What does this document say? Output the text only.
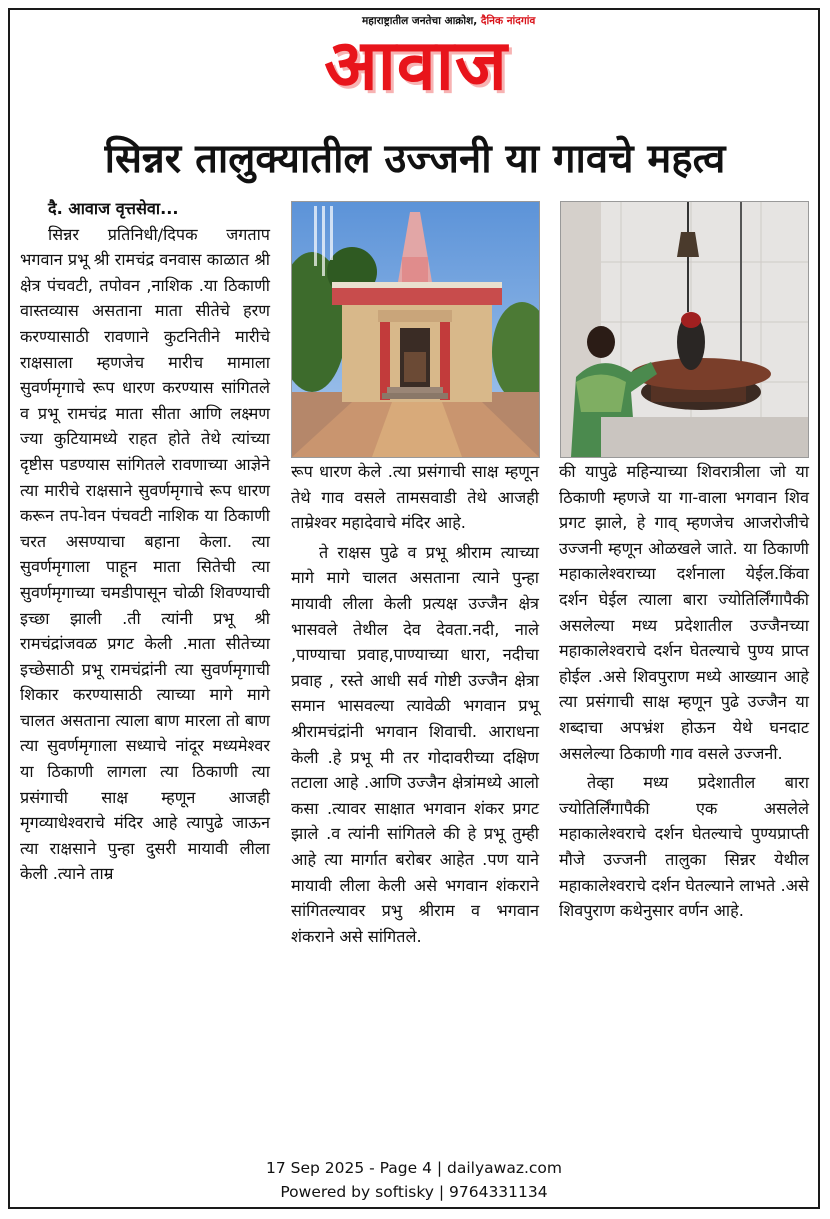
महाराष्ट्रातील जनतेचा आक्रोश, दैनिक नांदगांव
आवाज
सिन्नर तालुक्यातील उज्जनी या गावचे महत्व

दै. आवाज वृत्तसेवा...

सिन्नर प्रतिनिधी/दिपक जगताप भगवान प्रभू श्री रामचंद्र वनवास काळात श्री क्षेत्र पंचवटी, तपोवन ,नाशिक .या ठिकाणी वास्तव्यास असताना माता सीतेचे हरण करण्यासाठी रावणाने कुटनितीने मारीचे राक्षसाला म्हणजेच मारीच मामाला सुवर्णमृगाचे रूप धारण करण्यास सांगितले व प्रभू रामचंद्र माता सीता आणि लक्ष्मण ज्या कुटियामध्ये राहत होते तेथे त्यांच्या दृष्टीस पडण्यास सांगितले रावणाच्या आज्ञेने त्या मारीचे राक्षसाने सुवर्णमृगाचे रूप धारण करून तप-ोवन पंचवटी नाशिक या ठिकाणी चरत असण्याचा बहाना केला. त्या सुवर्णमृगाला पाहून माता सितेची त्या सुवर्णमृगाच्या चमडीपासून चोळी शिवण्याची इच्छा झाली .ती त्यांनी प्रभू श्री रामचंद्रांजवळ प्रगट केली .माता सीतेच्या इच्छेसाठी प्रभू रामचंद्रांनी त्या सुवर्णमृगाची शिकार करण्यासाठी त्याच्या मागे मागे चालत असताना त्याला बाण मारला तो बाण त्या सुवर्णमृगाला सध्याचे नांदूर मध्यमेश्वर या ठिकाणी लागला त्या ठिकाणी त्या प्रसंगाची साक्ष म्हणून आजही मृगव्याधेश्वराचे मंदिर आहे त्यापुढे जाऊन त्या राक्षसाने पुन्हा दुसरी मायावी लीला केली .त्याने ताम्र

रूप धारण केले .त्या प्रसंगाची साक्ष म्हणून तेथे गाव वसले तामसवाडी तेथे आजही ताम्रेश्वर महादेवाचे मंदिर आहे.

ते राक्षस पुढे व प्रभू श्रीराम त्याच्या मागे मागे चालत असताना त्याने पुन्हा मायावी लीला केली प्रत्यक्ष उज्जैन क्षेत्र भासवले तेथील देव देवता.नदी, नाले ,पाण्याचा प्रवाह,पाण्याच्या धारा, नदीचा प्रवाह , रस्ते आधी सर्व गोष्टी उज्जैन क्षेत्रा समान भासवल्या त्यावेळी भगवान प्रभू श्रीरामचंद्रांनी भगवान शिवाची. आराधना केली .हे प्रभू मी तर गोदावरीच्या दक्षिण तटाला आहे .आणि उज्जैन क्षेत्रांमध्ये आलो कसा .त्यावर साक्षात भगवान शंकर प्रगट झाले .व त्यांनी सांगितले की हे प्रभू तुम्ही आहे त्या मार्गात बरोबर आहेत .पण याने मायावी लीला केली असे भगवान शंकराने सांगितल्यावर प्रभु श्रीराम व भगवान शंकराने असे सांगितले.

की यापुढे महिन्याच्या शिवरात्रीला जो या ठिकाणी म्हणजे या गा-वाला भगवान शिव प्रगट झाले, हे गाव् म्हणजेच आजरोजीचे उज्जनी म्हणून ओळखले जाते. या ठिकाणी महाकालेश्वराच्या दर्शनाला येईल.किंवा दर्शन घेईल त्याला बारा ज्योतिर्लिंगापैकी असलेल्या मध्य प्रदेशातील उज्जैनच्या महाकालेश्वराचे दर्शन घेतल्याचे पुण्य प्राप्त होईल .असे शिवपुराण मध्ये आख्यान आहे त्या प्रसंगाची साक्ष म्हणून पुढे उज्जैन या शब्दाचा अपभ्रंश होऊन येथे घनदाट असलेल्या ठिकाणी गाव वसले उज्जनी.

तेव्हा मध्य प्रदेशातील बारा ज्योतिर्लिंगापैकी एक असलेले महाकालेश्वराचे दर्शन घेतल्याचे पुण्यप्राप्ती मौजे उज्जनी तालुका सिन्नर येथील महाकालेश्वराचे दर्शन घेतल्याने लाभते .असे शिवपुराण कथेनुसार वर्णन आहे.

17 Sep 2025 - Page 4 | dailyawaz.com
Powered by softisky | 9764331134
